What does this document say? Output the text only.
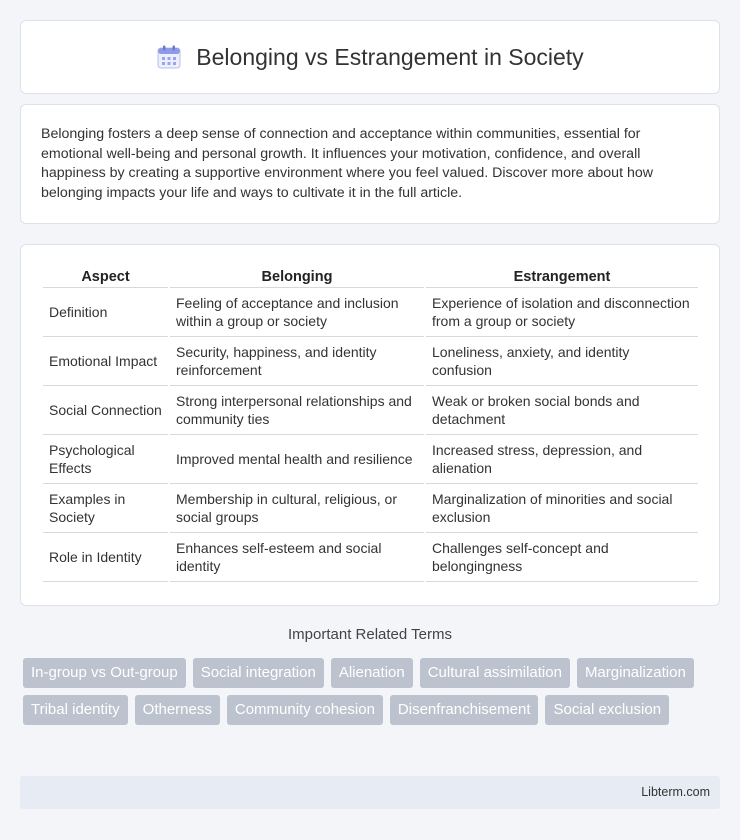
Belonging vs Estrangement in Society

Belonging fosters a deep sense of connection and acceptance within communities, essential for emotional well-being and personal growth. It influences your motivation, confidence, and overall happiness by creating a supportive environment where you feel valued. Discover more about how belonging impacts your life and ways to cultivate it in the full article.

Aspect	Belonging	Estrangement
Definition	Feeling of acceptance and inclusion within a group or society	Experience of isolation and disconnection from a group or society
Emotional Impact	Security, happiness, and identity reinforcement	Loneliness, anxiety, and identity confusion
Social Connection	Strong interpersonal relationships and community ties	Weak or broken social bonds and detachment
Psychological Effects	Improved mental health and resilience	Increased stress, depression, and alienation
Examples in Society	Membership in cultural, religious, or social groups	Marginalization of minorities and social exclusion
Role in Identity	Enhances self-esteem and social identity	Challenges self-concept and belongingness
Important Related Terms
In-group vs Out-group	Social integration	Alienation	Cultural assimilation	Marginalization
Tribal identity	Otherness	Community cohesion	Disenfranchisement	Social exclusion
Libterm.com
